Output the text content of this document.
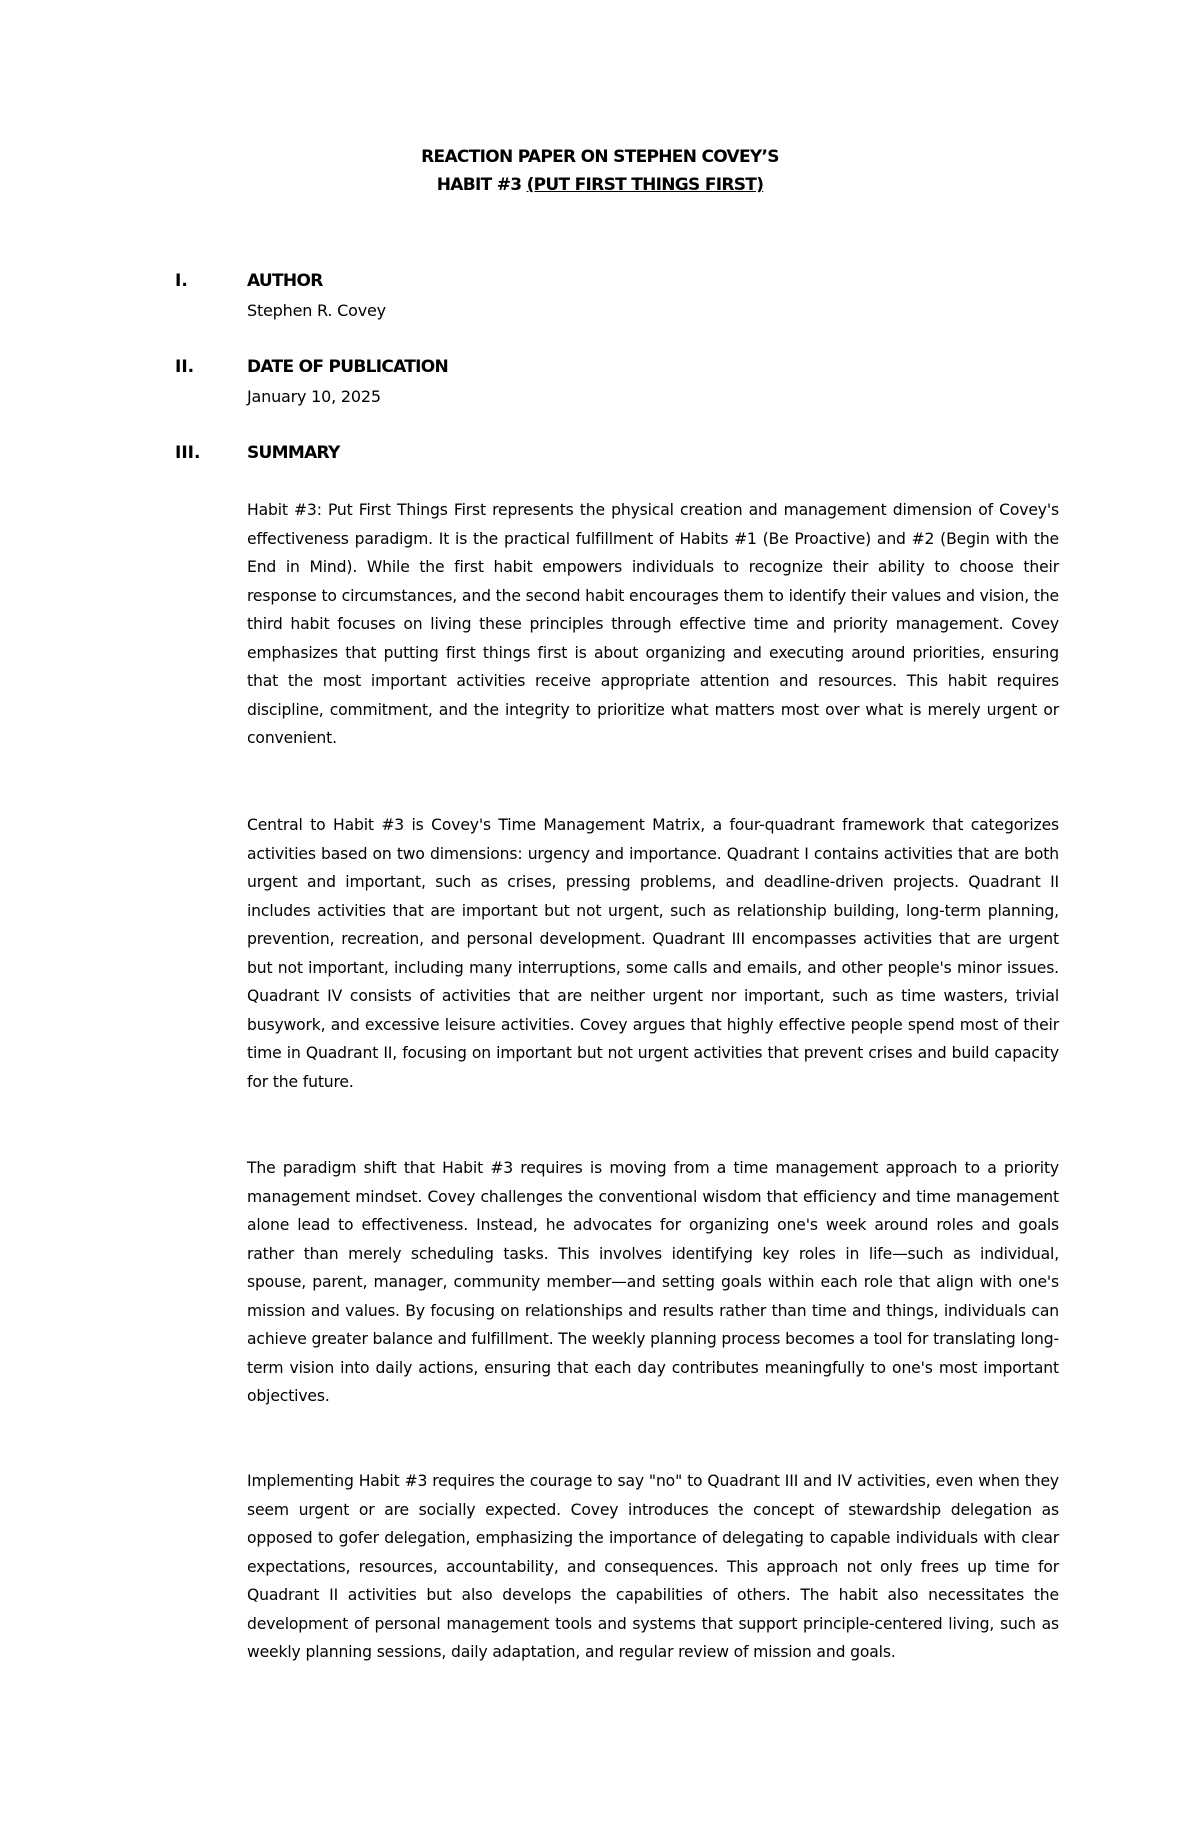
REACTION PAPER ON STEPHEN COVEY’S
HABIT #3 (PUT FIRST THINGS FIRST)
I.	AUTHOR
Stephen R. Covey
II.	DATE OF PUBLICATION
January 10, 2025
III.	SUMMARY

Habit #3: Put First Things First represents the physical creation and management dimension of Covey's effectiveness paradigm. It is the practical fulfillment of Habits #1 (Be Proactive) and #2 (Begin with the End in Mind). While the first habit empowers individuals to recognize their ability to choose their response to circumstances, and the second habit encourages them to identify their values and vision, the third habit focuses on living these principles through effective time and priority management. Covey emphasizes that putting first things first is about organizing and executing around priorities, ensuring that the most important activities receive appropriate attention and resources. This habit requires discipline, commitment, and the integrity to prioritize what matters most over what is merely urgent or convenient.

Central to Habit #3 is Covey's Time Management Matrix, a four-quadrant framework that categorizes activities based on two dimensions: urgency and importance. Quadrant I contains activities that are both urgent and important, such as crises, pressing problems, and deadline-driven projects. Quadrant II includes activities that are important but not urgent, such as relationship building, long-term planning, prevention, recreation, and personal development. Quadrant III encompasses activities that are urgent but not important, including many interruptions, some calls and emails, and other people's minor issues. Quadrant IV consists of activities that are neither urgent nor important, such as time wasters, trivial busywork, and excessive leisure activities. Covey argues that highly effective people spend most of their time in Quadrant II, focusing on important but not urgent activities that prevent crises and build capacity for the future.

The paradigm shift that Habit #3 requires is moving from a time management approach to a priority management mindset. Covey challenges the conventional wisdom that efficiency and time management alone lead to effectiveness. Instead, he advocates for organizing one's week around roles and goals rather than merely scheduling tasks. This involves identifying key roles in life—such as individual, spouse, parent, manager, community member—and setting goals within each role that align with one's mission and values. By focusing on relationships and results rather than time and things, individuals can achieve greater balance and fulfillment. The weekly planning process becomes a tool for translating long-term vision into daily actions, ensuring that each day contributes meaningfully to one's most important objectives.

Implementing Habit #3 requires the courage to say "no" to Quadrant III and IV activities, even when they seem urgent or are socially expected. Covey introduces the concept of stewardship delegation as opposed to gofer delegation, emphasizing the importance of delegating to capable individuals with clear expectations, resources, accountability, and consequences. This approach not only frees up time for Quadrant II activities but also develops the capabilities of others. The habit also necessitates the development of personal management tools and systems that support principle-centered living, such as weekly planning sessions, daily adaptation, and regular review of mission and goals.
